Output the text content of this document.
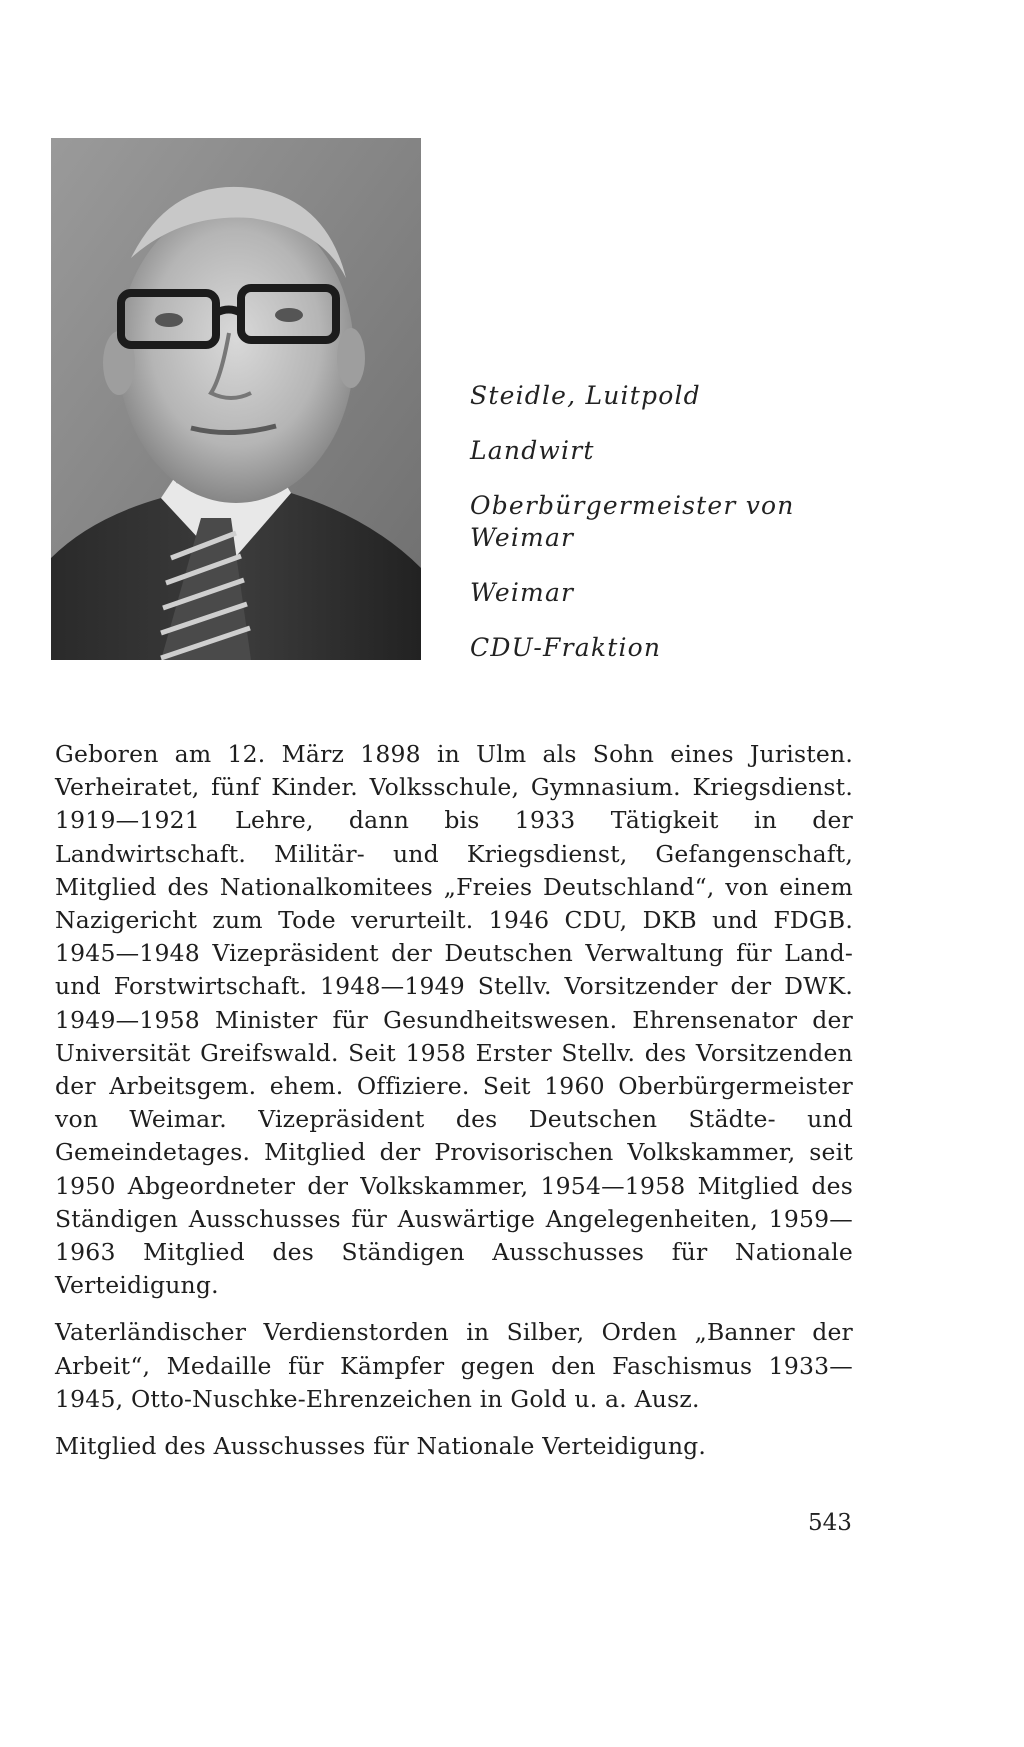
Steidle, Luitpold
Landwirt
Oberbürgermeister von Weimar
Weimar
CDU-Fraktion

Geboren am 12. März 1898 in Ulm als Sohn eines Juristen. Verheiratet, fünf Kinder. Volksschule, Gymnasium. Kriegsdienst. 1919—1921 Lehre, dann bis 1933 Tätigkeit in der Landwirtschaft. Militär- und Kriegsdienst, Gefangenschaft, Mitglied des Nationalkomitees „Freies Deutschland“, von einem Nazigericht zum Tode verurteilt. 1946 CDU, DKB und FDGB. 1945—1948 Vizepräsident der Deutschen Verwaltung für Land- und Forstwirtschaft. 1948—1949 Stellv. Vorsitzender der DWK. 1949—1958 Minister für Gesundheitswesen. Ehrensenator der Universität Greifswald. Seit 1958 Erster Stellv. des Vorsitzenden der Arbeitsgem. ehem. Offiziere. Seit 1960 Oberbürgermeister von Weimar. Vizepräsident des Deutschen Städte- und Gemeindetages. Mitglied der Provisorischen Volkskammer, seit 1950 Abgeordneter der Volkskammer, 1954—1958 Mitglied des Ständigen Ausschusses für Auswärtige Angelegenheiten, 1959—1963 Mitglied des Ständigen Ausschusses für Nationale Verteidigung.

Vaterländischer Verdienstorden in Silber, Orden „Banner der Arbeit“, Medaille für Kämpfer gegen den Faschismus 1933—1945, Otto-Nuschke-Ehrenzeichen in Gold u. a. Ausz.

Mitglied des Ausschusses für Nationale Verteidigung.

543
